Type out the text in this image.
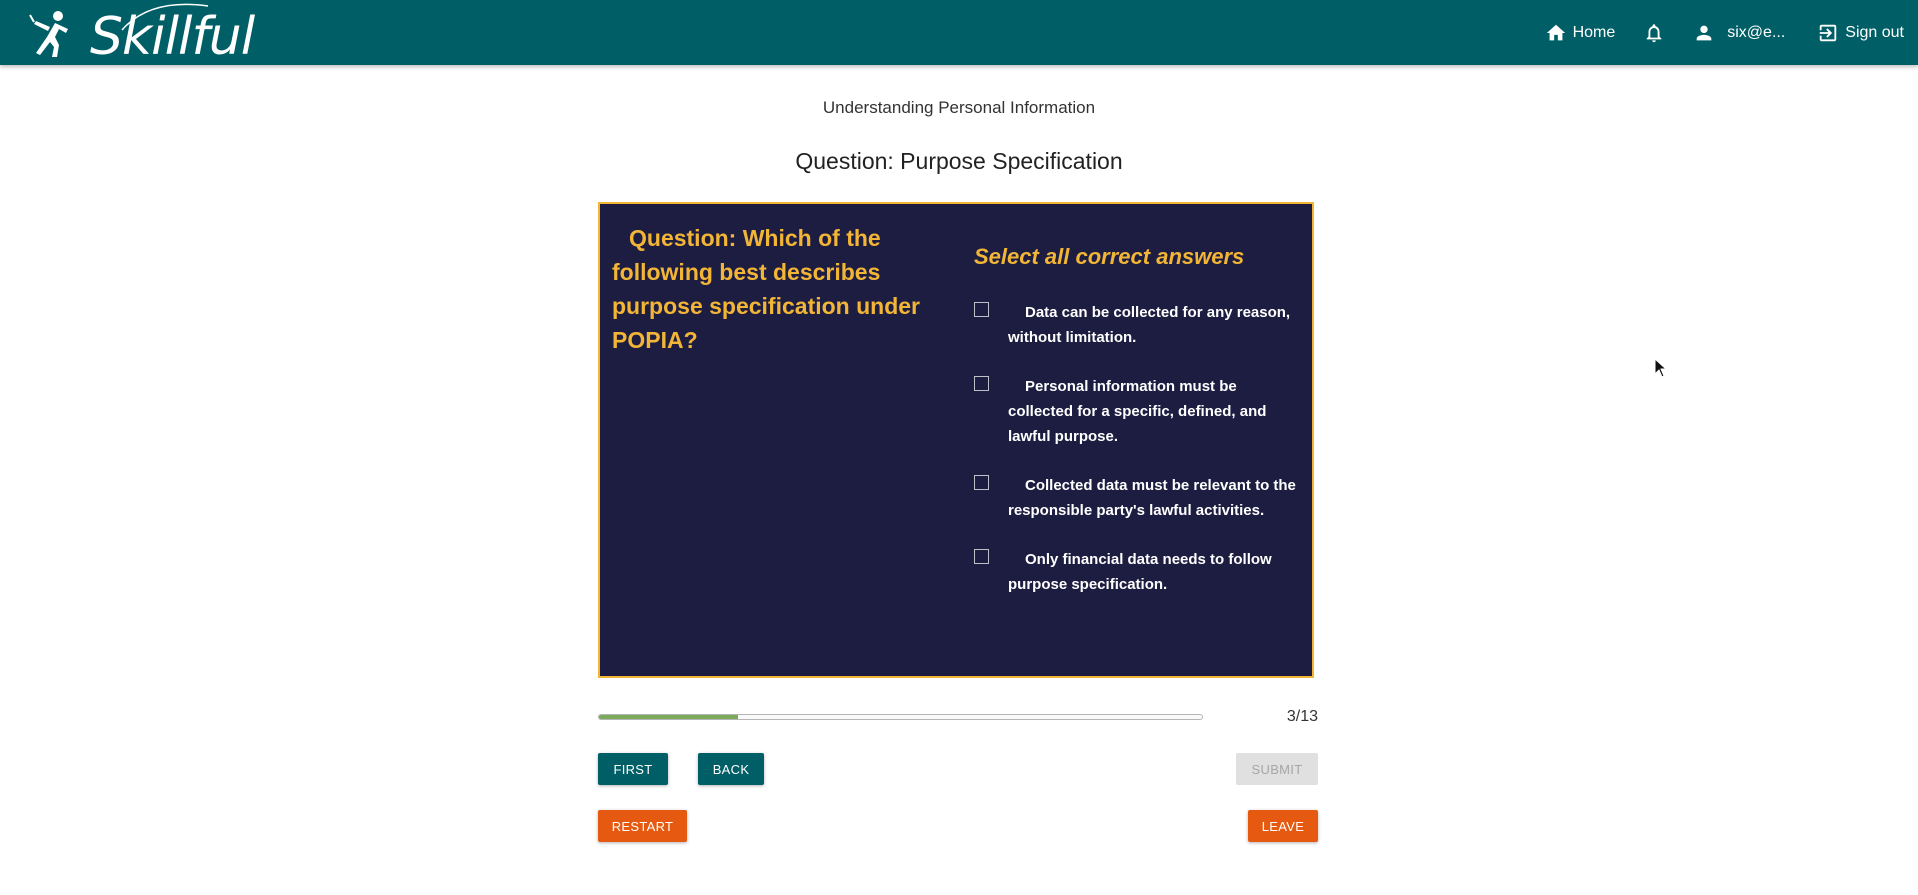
Skillful	Home	six@e...	Sign out
Understanding Personal Information
Question: Purpose Specification
Question: Which of the following best describes purpose specification under POPIA?
Select all correct answers
Data can be collected for any reason, without limitation.
Personal information must be collected for a specific, defined, and lawful purpose.
Collected data must be relevant to the responsible party's lawful activities.
Only financial data needs to follow purpose specification.
3/13
FIRST	BACK	SUBMIT
RESTART	LEAVE
